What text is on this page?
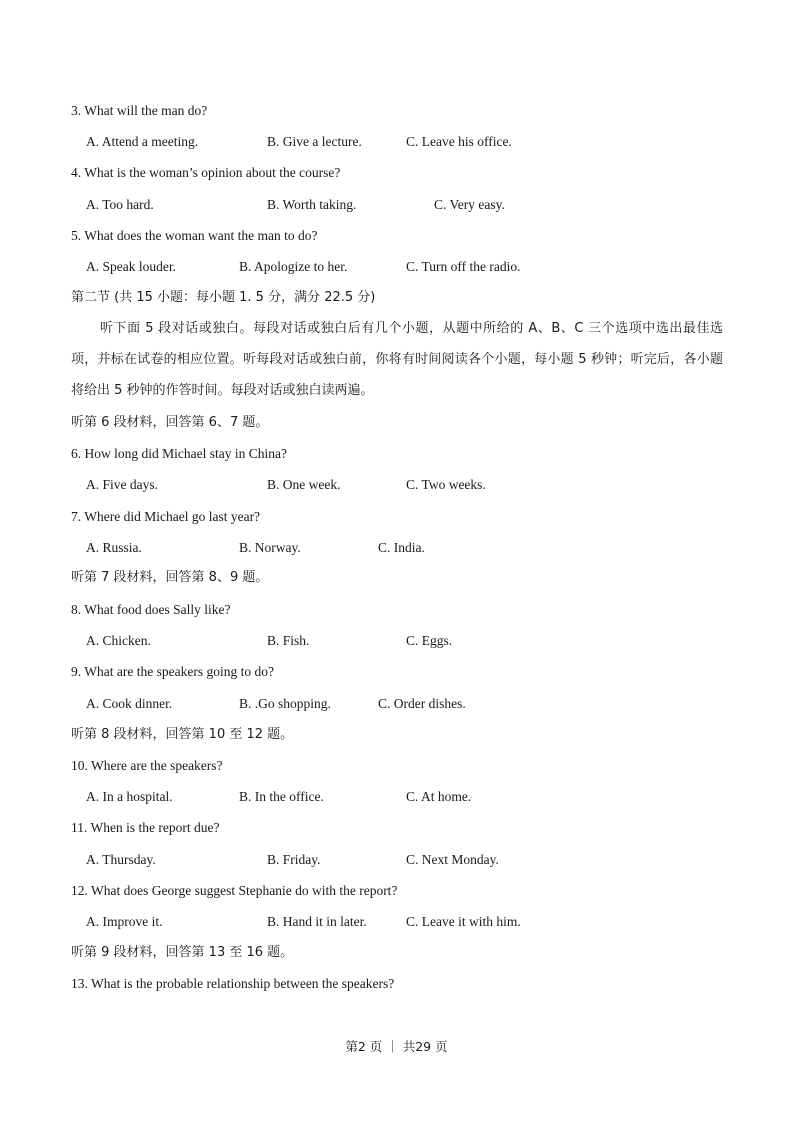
3. What will the man do?
A. Attend a meeting.	B. Give a lecture.	C. Leave his office.
4. What is the woman’s opinion about the course?
A. Too hard.	B. Worth taking.	C. Very easy.
5. What does the woman want the man to do?
A. Speak louder.	B. Apologize to her.	C. Turn off the radio.
第二节 (共 15 小题：每小题 1. 5 分，满分 22.5 分)
听下面 5 段对话或独白。每段对话或独白后有几个小题，从题中所给的 A、B、C 三个选项中选出最佳选项，并标在试卷的相应位置。听每段对话或独白前，你将有时间阅读各个小题，每小题 5 秒钟；听完后，各小题将给出 5 秒钟的作答时间。每段对话或独白读两遍。
听第 6 段材料，回答第 6、7 题。
6. How long did Michael stay in China?
A. Five days.	B. One week.	C. Two weeks.
7. Where did Michael go last year?
A. Russia.	B. Norway.	C. India.
听第 7 段材料，回答第 8、9 题。
8. What food does Sally like?
A. Chicken.	B. Fish.	C. Eggs.
9. What are the speakers going to do?
A. Cook dinner.	B. .Go shopping.	C. Order dishes.
听第 8 段材料，回答第 10 至 12 题。
10. Where are the speakers?
A. In a hospital.	B. In the office.	C. At home.
11. When is the report due?
A. Thursday.	B. Friday.	C. Next Monday.
12. What does George suggest Stephanie do with the report?
A. Improve it.	B. Hand it in later.	C. Leave it with him.
听第 9 段材料，回答第 13 至 16 题。
13. What is the probable relationship between the speakers?
第2 页 ｜ 共29 页
